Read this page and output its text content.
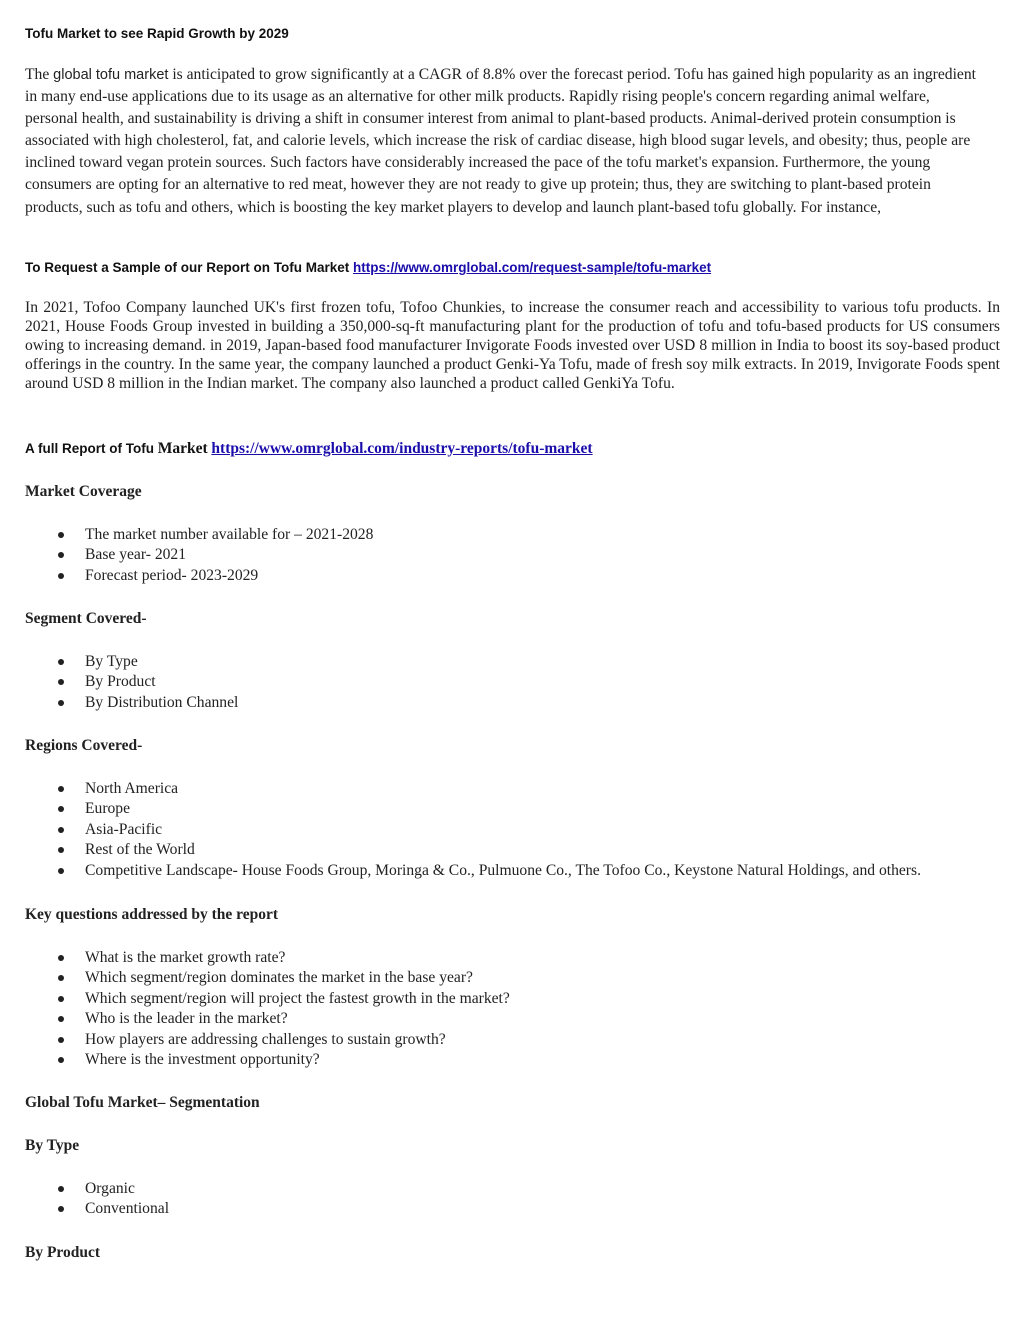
Tofu Market to see Rapid Growth by 2029

The global tofu market is anticipated to grow significantly at a CAGR of 8.8% over the forecast period. Tofu has gained high popularity as an ingredient in many end-use applications due to its usage as an alternative for other milk products. Rapidly rising people's concern regarding animal welfare, personal health, and sustainability is driving a shift in consumer interest from animal to plant-based products. Animal-derived protein consumption is associated with high cholesterol, fat, and calorie levels, which increase the risk of cardiac disease, high blood sugar levels, and obesity; thus, people are inclined toward vegan protein sources. Such factors have considerably increased the pace of the tofu market's expansion. Furthermore, the young consumers are opting for an alternative to red meat, however they are not ready to give up protein; thus, they are switching to plant-based protein products, such as tofu and others, which is boosting the key market players to develop and launch plant-based tofu globally. For instance,

To Request a Sample of our Report on Tofu Market https://www.omrglobal.com/request-sample/tofu-market

In 2021, Tofoo Company launched UK's first frozen tofu, Tofoo Chunkies, to increase the consumer reach and accessibility to various tofu products. In 2021, House Foods Group invested in building a 350,000-sq-ft manufacturing plant for the production of tofu and tofu-based products for US consumers owing to increasing demand. in 2019, Japan-based food manufacturer Invigorate Foods invested over USD 8 million in India to boost its soy-based product offerings in the country. In the same year, the company launched a product Genki-Ya Tofu, made of fresh soy milk extracts. In 2019, Invigorate Foods spent around USD 8 million in the Indian market. The company also launched a product called GenkiYa Tofu.

A full Report of Tofu Market https://www.omrglobal.com/industry-reports/tofu-market
Market Coverage
The market number available for – 2021-2028
Base year- 2021
Forecast period- 2023-2029
Segment Covered-
By Type
By Product
By Distribution Channel
Regions Covered-
North America
Europe
Asia-Pacific
Rest of the World
Competitive Landscape- House Foods Group, Moringa & Co., Pulmuone Co., The Tofoo Co., Keystone Natural Holdings, and others.
Key questions addressed by the report
What is the market growth rate?
Which segment/region dominates the market in the base year?
Which segment/region will project the fastest growth in the market?
Who is the leader in the market?
How players are addressing challenges to sustain growth?
Where is the investment opportunity?
Global Tofu Market– Segmentation
By Type
Organic
Conventional
By Product
